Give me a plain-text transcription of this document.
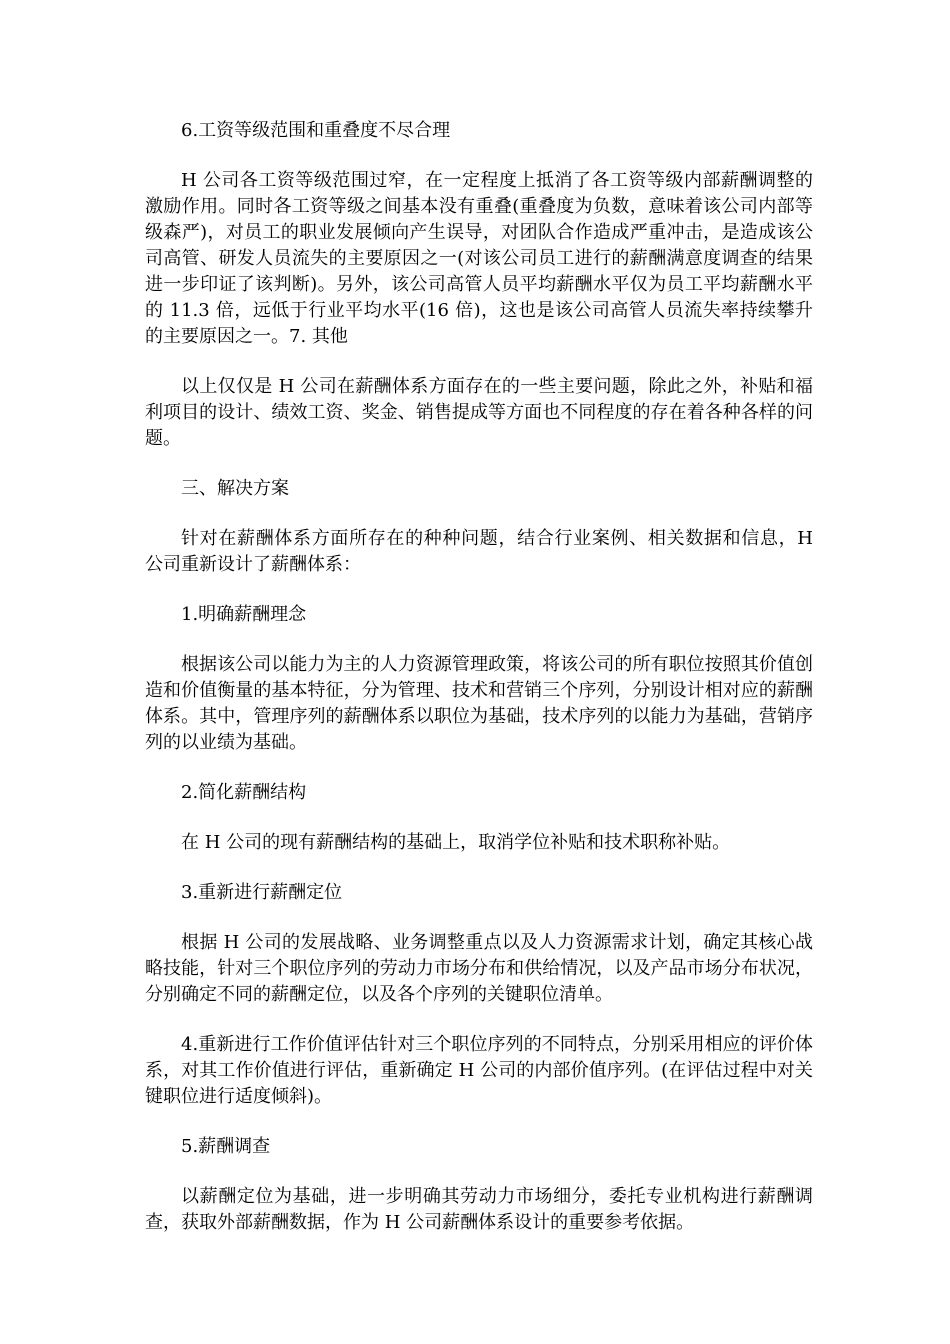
6.工资等级范围和重叠度不尽合理

H 公司各工资等级范围过窄，在一定程度上抵消了各工资等级内部薪酬调整的激励作用。同时各工资等级之间基本没有重叠(重叠度为负数，意味着该公司内部等级森严)，对员工的职业发展倾向产生误导，对团队合作造成严重冲击，是造成该公司高管、研发人员流失的主要原因之一(对该公司员工进行的薪酬满意度调查的结果进一步印证了该判断)。另外，该公司高管人员平均薪酬水平仅为员工平均薪酬水平的 11.3 倍，远低于行业平均水平(16 倍)，这也是该公司高管人员流失率持续攀升的主要原因之一。7. 其他

以上仅仅是 H 公司在薪酬体系方面存在的一些主要问题，除此之外，补贴和福利项目的设计、绩效工资、奖金、销售提成等方面也不同程度的存在着各种各样的问题。

三、解决方案

针对在薪酬体系方面所存在的种种问题，结合行业案例、相关数据和信息，H 公司重新设计了薪酬体系：

1.明确薪酬理念

根据该公司以能力为主的人力资源管理政策，将该公司的所有职位按照其价值创造和价值衡量的基本特征，分为管理、技术和营销三个序列，分别设计相对应的薪酬体系。其中，管理序列的薪酬体系以职位为基础，技术序列的以能力为基础，营销序列的以业绩为基础。

2.简化薪酬结构

在 H 公司的现有薪酬结构的基础上，取消学位补贴和技术职称补贴。

3.重新进行薪酬定位

根据 H 公司的发展战略、业务调整重点以及人力资源需求计划，确定其核心战略技能，针对三个职位序列的劳动力市场分布和供给情况，以及产品市场分布状况，分别确定不同的薪酬定位，以及各个序列的关键职位清单。

4.重新进行工作价值评估针对三个职位序列的不同特点，分别采用相应的评价体系，对其工作价值进行评估，重新确定 H 公司的内部价值序列。(在评估过程中对关键职位进行适度倾斜)。

5.薪酬调查

以薪酬定位为基础，进一步明确其劳动力市场细分，委托专业机构进行薪酬调查，获取外部薪酬数据，作为 H 公司薪酬体系设计的重要参考依据。
